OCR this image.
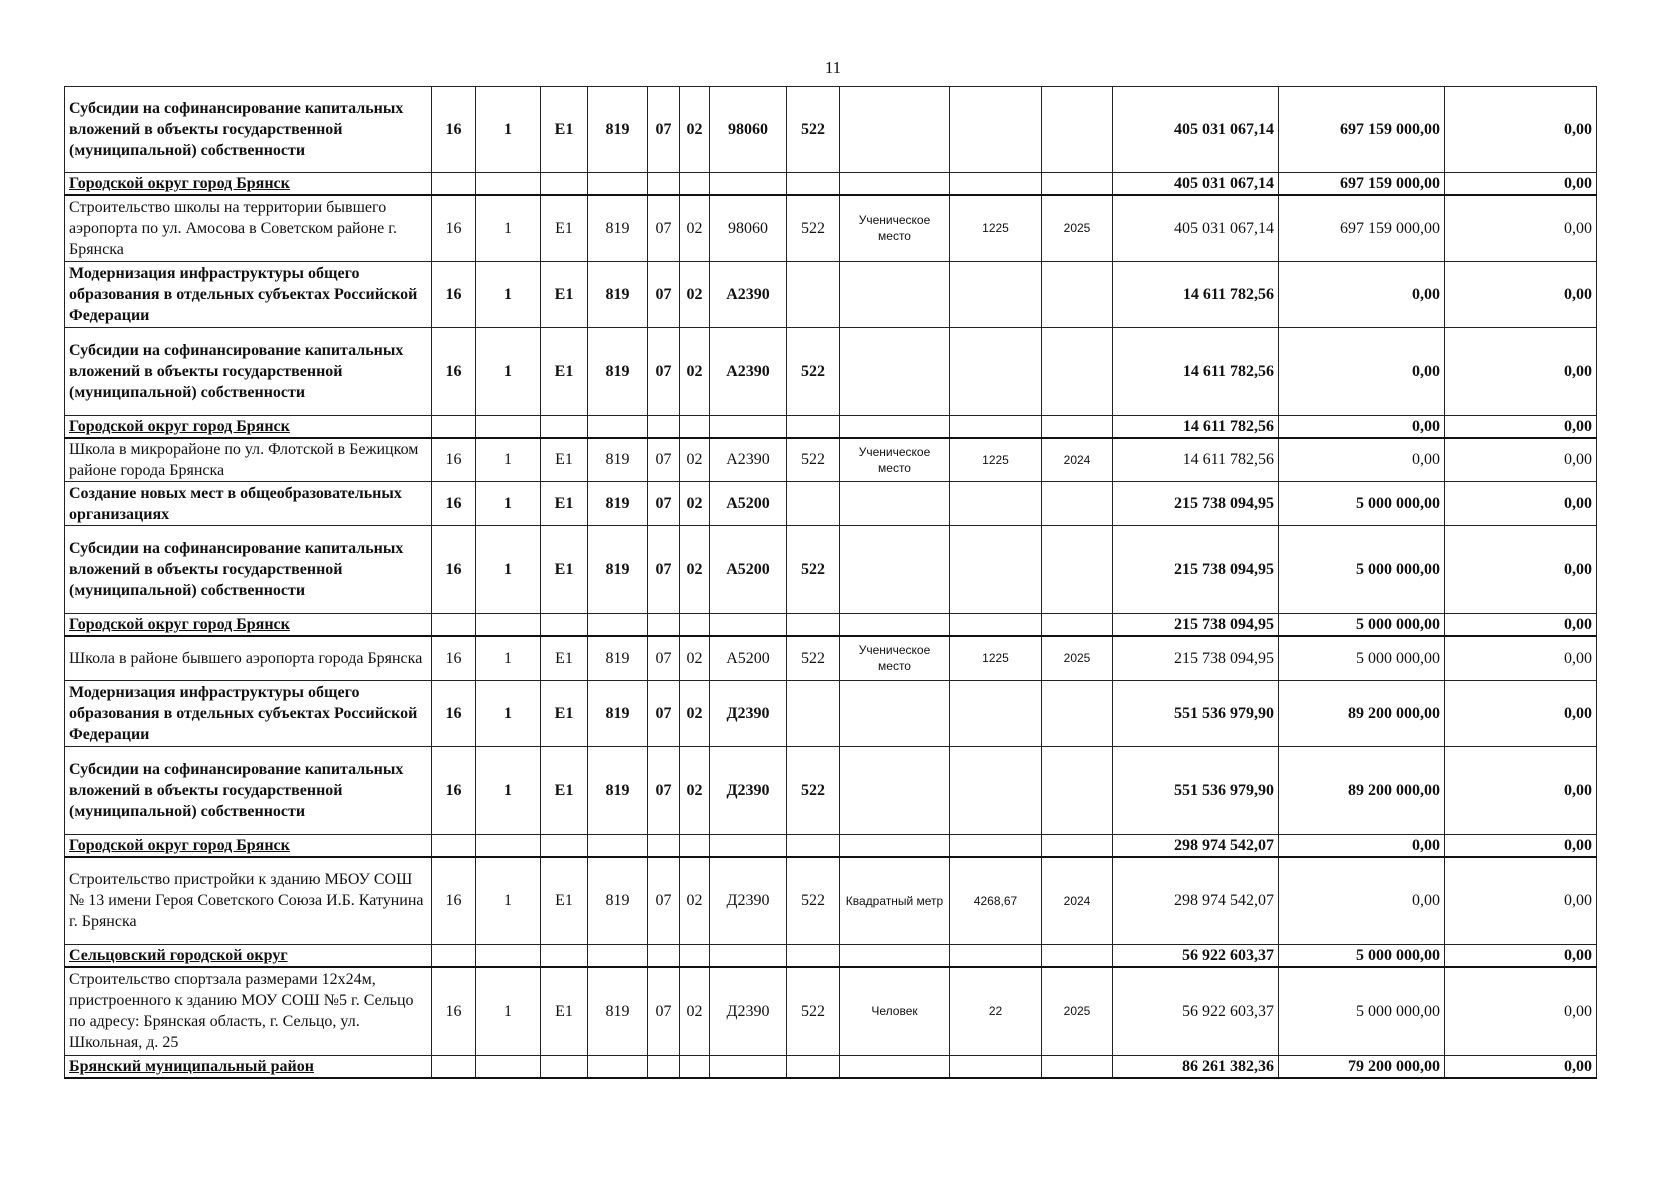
11
Субсидии на софинансирование капитальных вложений в объекты государственной (муниципальной) собственности	16	1	E1	819	07	02	98060	522				405 031 067,14	697 159 000,00	0,00
Городской округ город Брянск												405 031 067,14	697 159 000,00	0,00
Строительство школы на территории бывшего аэропорта по ул. Амосова в Советском районе г. Брянска	16	1	E1	819	07	02	98060	522	Ученическое место	1225	2025	405 031 067,14	697 159 000,00	0,00
Модернизация инфраструктуры общего образования в отдельных субъектах Российской Федерации	16	1	E1	819	07	02	A2390					14 611 782,56	0,00	0,00
Субсидии на софинансирование капитальных вложений в объекты государственной (муниципальной) собственности	16	1	E1	819	07	02	A2390	522				14 611 782,56	0,00	0,00
Городской округ город Брянск												14 611 782,56	0,00	0,00
Школа в микрорайоне по ул. Флотской в Бежицком районе города Брянска	16	1	E1	819	07	02	A2390	522	Ученическое место	1225	2024	14 611 782,56	0,00	0,00
Создание новых мест в общеобразовательных организациях	16	1	E1	819	07	02	A5200					215 738 094,95	5 000 000,00	0,00
Субсидии на софинансирование капитальных вложений в объекты государственной (муниципальной) собственности	16	1	E1	819	07	02	A5200	522				215 738 094,95	5 000 000,00	0,00
Городской округ город Брянск												215 738 094,95	5 000 000,00	0,00
Школа в районе бывшего аэропорта города Брянска	16	1	E1	819	07	02	A5200	522	Ученическое место	1225	2025	215 738 094,95	5 000 000,00	0,00
Модернизация инфраструктуры общего образования в отдельных субъектах Российской Федерации	16	1	E1	819	07	02	Д2390					551 536 979,90	89 200 000,00	0,00
Субсидии на софинансирование капитальных вложений в объекты государственной (муниципальной) собственности	16	1	E1	819	07	02	Д2390	522				551 536 979,90	89 200 000,00	0,00
Городской округ город Брянск												298 974 542,07	0,00	0,00
Строительство пристройки к зданию МБОУ СОШ № 13 имени Героя Советского Союза И.Б. Катунина г. Брянска	16	1	E1	819	07	02	Д2390	522	Квадратный метр	4268,67	2024	298 974 542,07	0,00	0,00
Сельцовский городской округ												56 922 603,37	5 000 000,00	0,00
Строительство спортзала размерами 12х24м, пристроенного к зданию МОУ СОШ №5 г. Сельцо по адресу: Брянская область, г. Сельцо, ул. Школьная, д. 25	16	1	E1	819	07	02	Д2390	522	Человек	22	2025	56 922 603,37	5 000 000,00	0,00
Брянский муниципальный район												86 261 382,36	79 200 000,00	0,00
